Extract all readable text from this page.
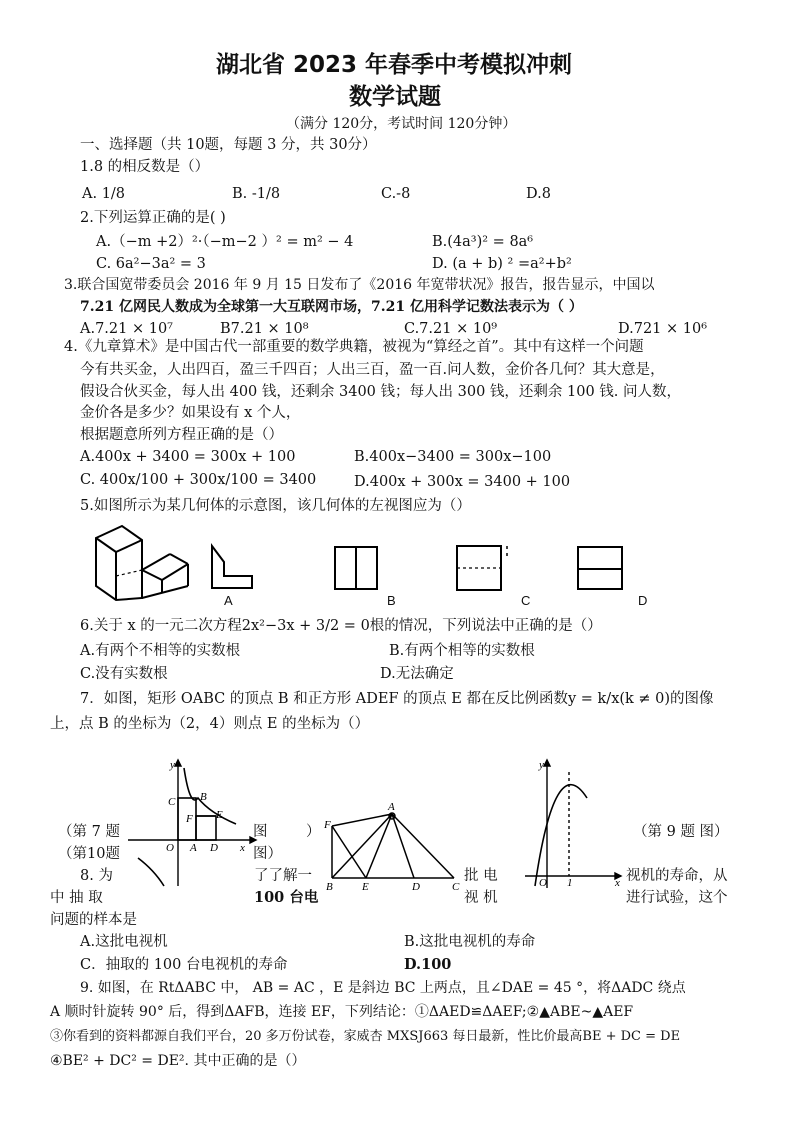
湖北省 2023 年春季中考模拟冲刺
数学试题
（满分 120分，考试时间 120分钟）
一、选择题（共 10题，每题 3 分，共 30分）
1.8 的相反数是（）
A. 1/8	B. -1/8	C.-8	D.8
2.下列运算正确的是( )
A.（−m +2）²·（−m−2 ）² = m² − 4	B.(4a³)² = 8a⁶
C. 6a²−3a² = 3	D. (a + b) ² =a²+b²
3.联合国宽带委员会 2016 年 9 月 15 日发布了《2016 年宽带状况》报告，报告显示，中国以
7.21 亿网民人数成为全球第一大互联网市场，7.21 亿用科学记数法表示为（ ）
A.7.21 × 10⁷	B7.21 × 10⁸	C.7.21 × 10⁹	D.721 × 10⁶
4.《九章算术》是中国古代一部重要的数学典籍，被视为“算经之首”。其中有这样一个问题
今有共买金，人出四百，盈三千四百；人出三百，盈一百.问人数，金价各几何？其大意是，
假设合伙买金，每人出 400 钱，还剩余 3400 钱；每人出 300 钱，还剩余 100 钱. 问人数，
金价各是多少？如果设有 x 个人，
根据题意所列方程正确的是（）
A.400x + 3400 = 300x + 100	B.400x−3400 = 300x−100
C. 400x/100 + 300x/100 = 3400	D.400x + 300x = 3400 + 100
5.如图所示为某几何体的示意图，该几何体的左视图应为（）
A	B	C	D
6.关于 x 的一元二次方程2x²−3x + 3/2 = 0根的情况，下列说法中正确的是（）
A.有两个不相等的实数根	B.有两个相等的实数根
C.没有实数根	D.无法确定
7．如图，矩形 OABC 的顶点 B 和正方形 ADEF 的顶点 E 都在反比例函数y = k/x(k ≠ 0)的图像
上，点 B 的坐标为（2，4）则点 E 的坐标为（）
y
C B
F E
O A D x
A
F
B	E	D	C
y
O 1	x
（第 7 题	图	）
（第10题	图）
（第 9 题 图）
8. 为	了了解一	批 电	视机的寿命，从
中 抽 取	100 台电	视 机	进行试验，这个
问题的样本是
A.这批电视机	B.这批电视机的寿命
C．抽取的 100 台电视机的寿命	D.100
9. 如图，在 RtΔABC 中， AB = AC ，E 是斜边 BC 上两点，且∠DAE = 45 °，将ΔADC 绕点
A 顺时针旋转 90° 后，得到ΔAFB，连接 EF，下列结论：①ΔAED≌ΔAEF;②▲ABE~▲AEF
③你看到的资料都源自我们平台，20 多万份试卷，家威杏 MXSJ663 每日最新，性比价最高BE + DC = DE
④BE² + DC² = DE². 其中正确的是（）
